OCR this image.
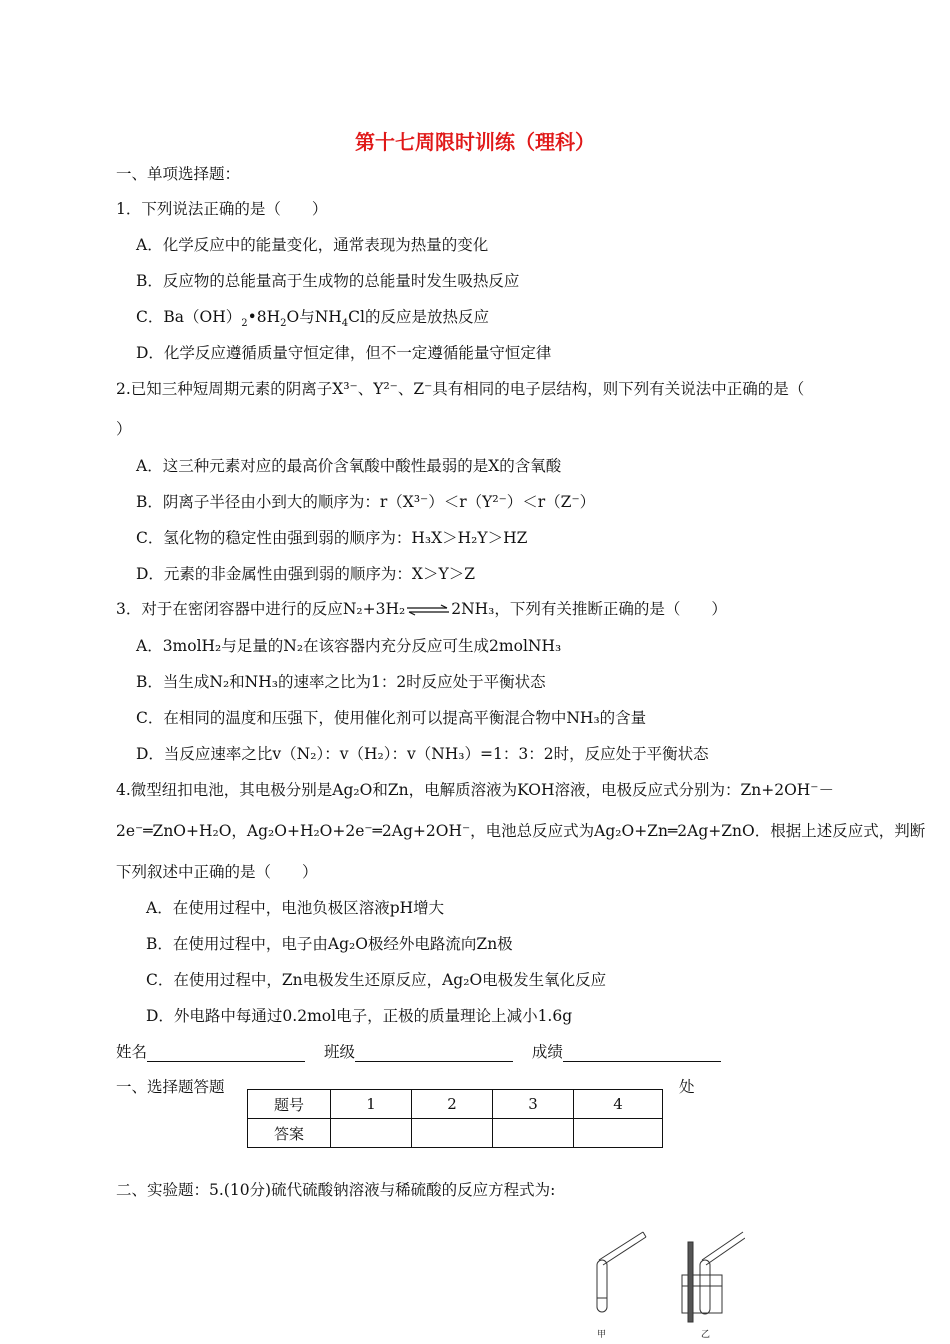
第十七周限时训练（理科）
一、单项选择题：
1．下列说法正确的是（　　）
A．化学反应中的能量变化，通常表现为热量的变化
B．反应物的总能量高于生成物的总能量时发生吸热反应
C．$Ba(OH)_2•8H_2O$与$NH_4Cl$的反应是放热反应
D．化学反应遵循质量守恒定律，但不一定遵循能量守恒定律
2.已知三种短周期元素的阴离子X³⁻、Y²⁻、Z⁻具有相同的电子层结构，则下列有关说法中正确的是（
）
A．这三种元素对应的最高价含氧酸中酸性最弱的是X的含氧酸
B．阴离子半径由小到大的顺序为：r（X³⁻）＜r（Y²⁻）＜r（Z⁻）
C．氢化物的稳定性由强到弱的顺序为：H₃X＞H₂Y＞HZ
D．元素的非金属性由强到弱的顺序为：X＞Y＞Z
3．对于在密闭容器中进行的反应N₂+3H₂⇌2NH₃，下列有关推断正确的是（　　）
A．3molH₂与足量的N₂在该容器内充分反应可生成2molNH₃
B．当生成N₂和NH₃的速率之比为1：2时反应处于平衡状态
C．在相同的温度和压强下，使用催化剂可以提高平衡混合物中NH₃的含量
D．当反应速率之比v（N₂）：v（H₂）：v（NH₃）=1：3：2时，反应处于平衡状态
4.微型纽扣电池，其电极分别是Ag₂O和Zn，电解质溶液为KOH溶液，电极反应式分别为：Zn+2OH⁻－
2e⁻═ZnO+H₂O，Ag₂O+H₂O+2e⁻═2Ag+2OH⁻，电池总反应式为Ag₂O+Zn═2Ag+ZnO．根据上述反应式，判断
下列叙述中正确的是（　　）
A．在使用过程中，电池负极区溶液pH增大
B．在使用过程中，电子由Ag₂O极经外电路流向Zn极
C．在使用过程中，Zn电极发生还原反应，Ag₂O电极发生氧化反应
D．外电路中每通过0.2mol电子，正极的质量理论上减小1.6g
姓名	班级	成绩
一、选择题答题	处
题号	1	2	3	4
答案				
二、实验题：5.(10分)硫代硫酸钠溶液与稀硫酸的反应方程式为:
甲	乙
